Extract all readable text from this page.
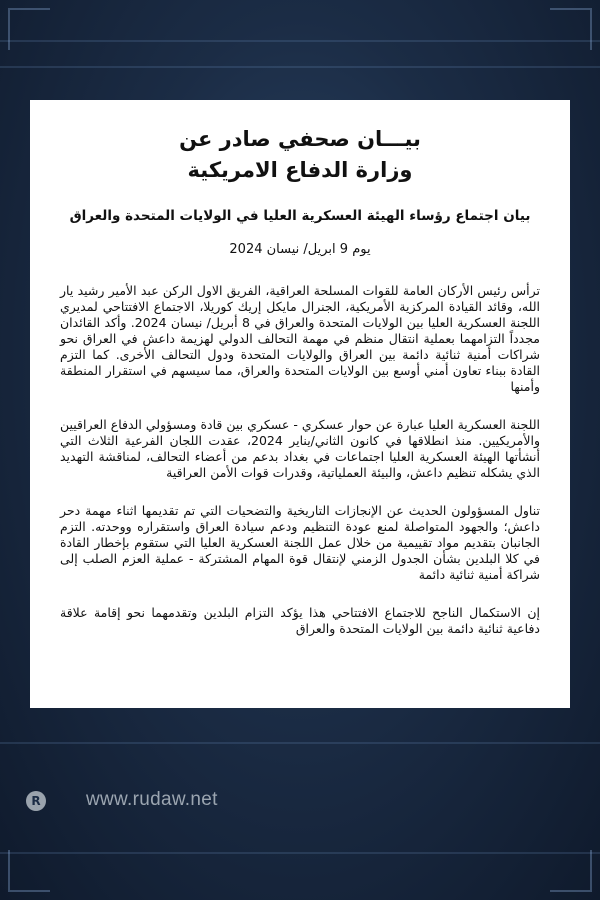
بيـــان صحفي صادر عن
وزارة الدفاع الامريكية

بيان اجتماع رؤساء الهيئة العسكرية العليا في الولايات المتحدة والعراق

يوم 9 ابريل/ نيسان 2024

ترأس رئيس الأركان العامة للقوات المسلحة العراقية، الفريق الاول الركن عبد الأمير رشيد يار الله، وقائد القيادة المركزية الأمريكية، الجنرال مايكل إريك كوريلا، الاجتماع الافتتاحي لمديري اللجنة العسكرية العليا بين الولايات المتحدة والعراق في 8 أبريل/ نيسان 2024. وأكد القائدان مجدداً التزامهما بعملية انتقال منظم في مهمة التحالف الدولي لهزيمة داعش في العراق نحو شراكات أمنية ثنائية دائمة بين العراق والولايات المتحدة ودول التحالف الأخرى. كما التزم القادة ببناء تعاون أمني أوسع بين الولايات المتحدة والعراق، مما سيسهم في استقرار المنطقة وأمنها

اللجنة العسكرية العليا عبارة عن حوار عسكري - عسكري بين قادة ومسؤولي الدفاع العراقيين والأمريكيين. منذ انطلاقها في كانون الثاني/يناير 2024، عقدت اللجان الفرعية الثلاث التي أنشأتها الهيئة العسكرية العليا اجتماعات في بغداد بدعم من أعضاء التحالف، لمناقشة التهديد الذي يشكله تنظيم داعش، والبيئة العملياتية، وقدرات قوات الأمن العراقية

تناول المسؤولون الحديث عن الإنجازات التاريخية والتضحيات التي تم تقديمها اثناء مهمة دحر داعش؛ والجهود المتواصلة لمنع عودة التنظيم ودعم سيادة العراق واستقراره ووحدته. التزم الجانبان بتقديم مواد تقييمية من خلال عمل اللجنة العسكرية العليا التي ستقوم بإخطار القادة في كلا البلدين بشأن الجدول الزمني لإنتقال قوة المهام المشتركة - عملية العزم الصلب إلى شراكة أمنية ثنائية دائمة

إن الاستكمال الناجح للاجتماع الافتتاحي هذا يؤكد التزام البلدين وتقدمهما نحو إقامة علاقة دفاعية ثنائية دائمة بين الولايات المتحدة والعراق

R www.rudaw.net
